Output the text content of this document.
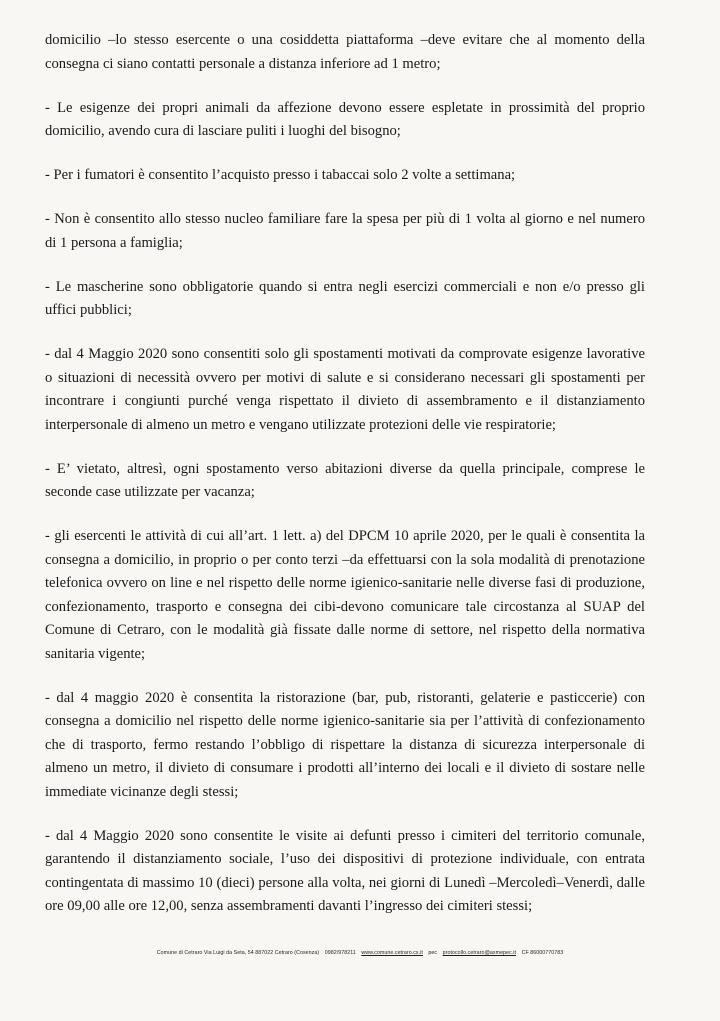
domicilio –lo stesso esercente o una cosiddetta piattaforma –deve evitare che al momento della consegna ci siano contatti personale a distanza inferiore ad 1 metro;

- Le esigenze dei propri animali da affezione devono essere espletate in prossimità del proprio domicilio, avendo cura di lasciare puliti i luoghi del bisogno;

- Per i fumatori è consentito l’acquisto presso i tabaccai solo 2 volte a settimana;

- Non è consentito allo stesso nucleo familiare fare la spesa per più di 1 volta al giorno e nel numero di 1 persona a famiglia;

- Le mascherine sono obbligatorie quando si entra negli esercizi commerciali e non e/o presso gli uffici pubblici;

- dal 4 Maggio 2020 sono consentiti solo gli spostamenti motivati da comprovate esigenze lavorative o situazioni di necessità ovvero per motivi di salute e si considerano necessari gli spostamenti per incontrare i congiunti purché venga rispettato il divieto di assembramento e il distanziamento interpersonale di almeno un metro e vengano utilizzate protezioni delle vie respiratorie;

- E’ vietato, altresì, ogni spostamento verso abitazioni diverse da quella principale, comprese le seconde case utilizzate per vacanza;

- gli esercenti le attività di cui all’art. 1 lett. a) del DPCM 10 aprile 2020, per le quali è consentita la consegna a domicilio, in proprio o per conto terzi –da effettuarsi con la sola modalità di prenotazione telefonica ovvero on line e nel rispetto delle norme igienico-sanitarie nelle diverse fasi di produzione, confezionamento, trasporto e consegna dei cibi-devono comunicare tale circostanza al SUAP del Comune di Cetraro, con le modalità già fissate dalle norme di settore, nel rispetto della normativa sanitaria vigente;

- dal 4 maggio 2020 è consentita la ristorazione (bar, pub, ristoranti, gelaterie e pasticcerie) con consegna a domicilio nel rispetto delle norme igienico-sanitarie sia per l’attività di confezionamento che di trasporto, fermo restando l’obbligo di rispettare la distanza di sicurezza interpersonale di almeno un metro, il divieto di consumare i prodotti all’interno dei locali e il divieto di sostare nelle immediate vicinanze degli stessi;

- dal 4 Maggio 2020 sono consentite le visite ai defunti presso i cimiteri del territorio comunale, garantendo il distanziamento sociale, l’uso dei dispositivi di protezione individuale, con entrata contingentata di massimo 10 (dieci) persone alla volta, nei giorni di Lunedì –Mercoledì–Venerdì, dalle ore 09,00 alle ore 12,00, senza assembramenti davanti l’ingresso dei cimiteri stessi;

Comune di Cetraro Via Luigi da Seta, 54 887022 Cetraro (Cosenza) 0982/978211 www.comune.cetraro.cs.it pec protocollo.cetraro@asmepec.it CF 86000770783
